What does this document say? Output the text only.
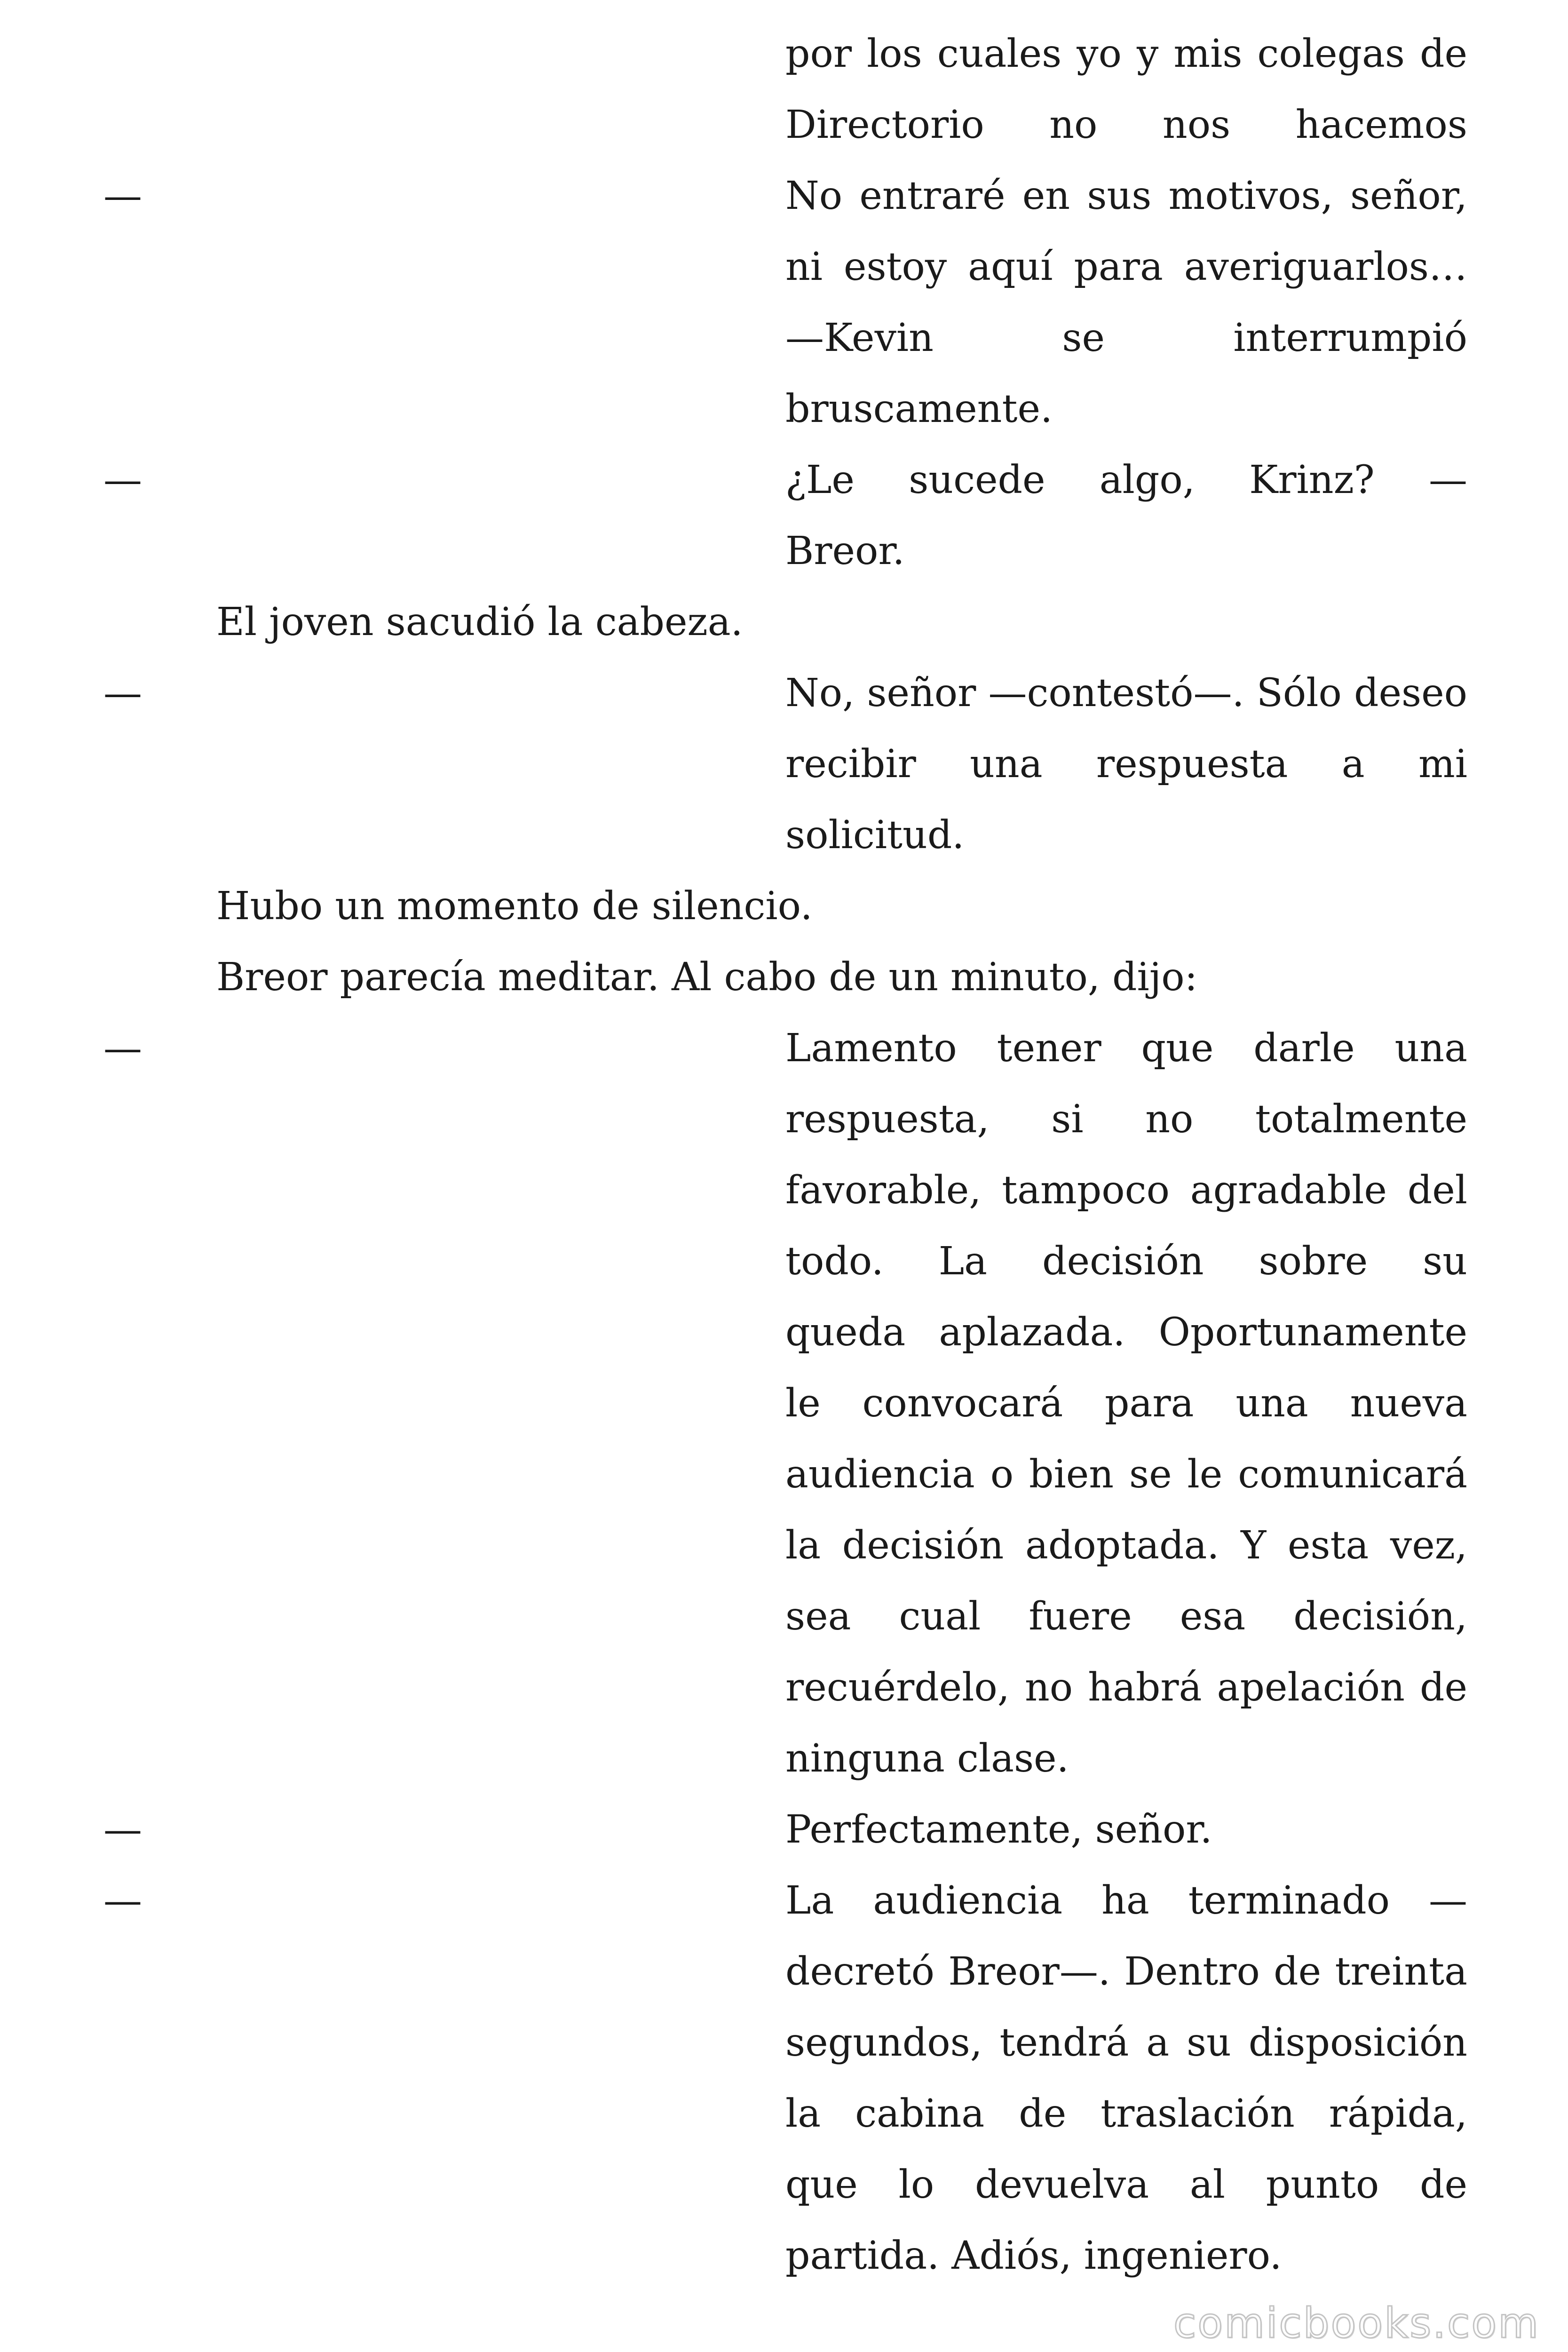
por los cuales yo y mis colegas de
Directorio no nos hacemos
—	No entraré en sus motivos, señor,
ni estoy aquí para averiguarlos…
—Kevin se interrumpió
bruscamente.
—	¿Le sucede algo, Krinz? —
Breor.
El joven sacudió la cabeza.
—	No, señor —contestó—. Sólo deseo
recibir una respuesta a mi
solicitud.
Hubo un momento de silencio.
Breor parecía meditar. Al cabo de un minuto, dijo:
—	Lamento tener que darle una
respuesta, si no totalmente
favorable, tampoco agradable del
todo. La decisión sobre su
queda aplazada. Oportunamente
le convocará para una nueva
audiencia o bien se le comunicará
la decisión adoptada. Y esta vez,
sea cual fuere esa decisión,
recuérdelo, no habrá apelación de
ninguna clase.
—	Perfectamente, señor.
—	La audiencia ha terminado —
decretó Breor—. Dentro de treinta
segundos, tendrá a su disposición
la cabina de traslación rápida,
que lo devuelva al punto de
partida. Adiós, ingeniero.
comicbooks.com
